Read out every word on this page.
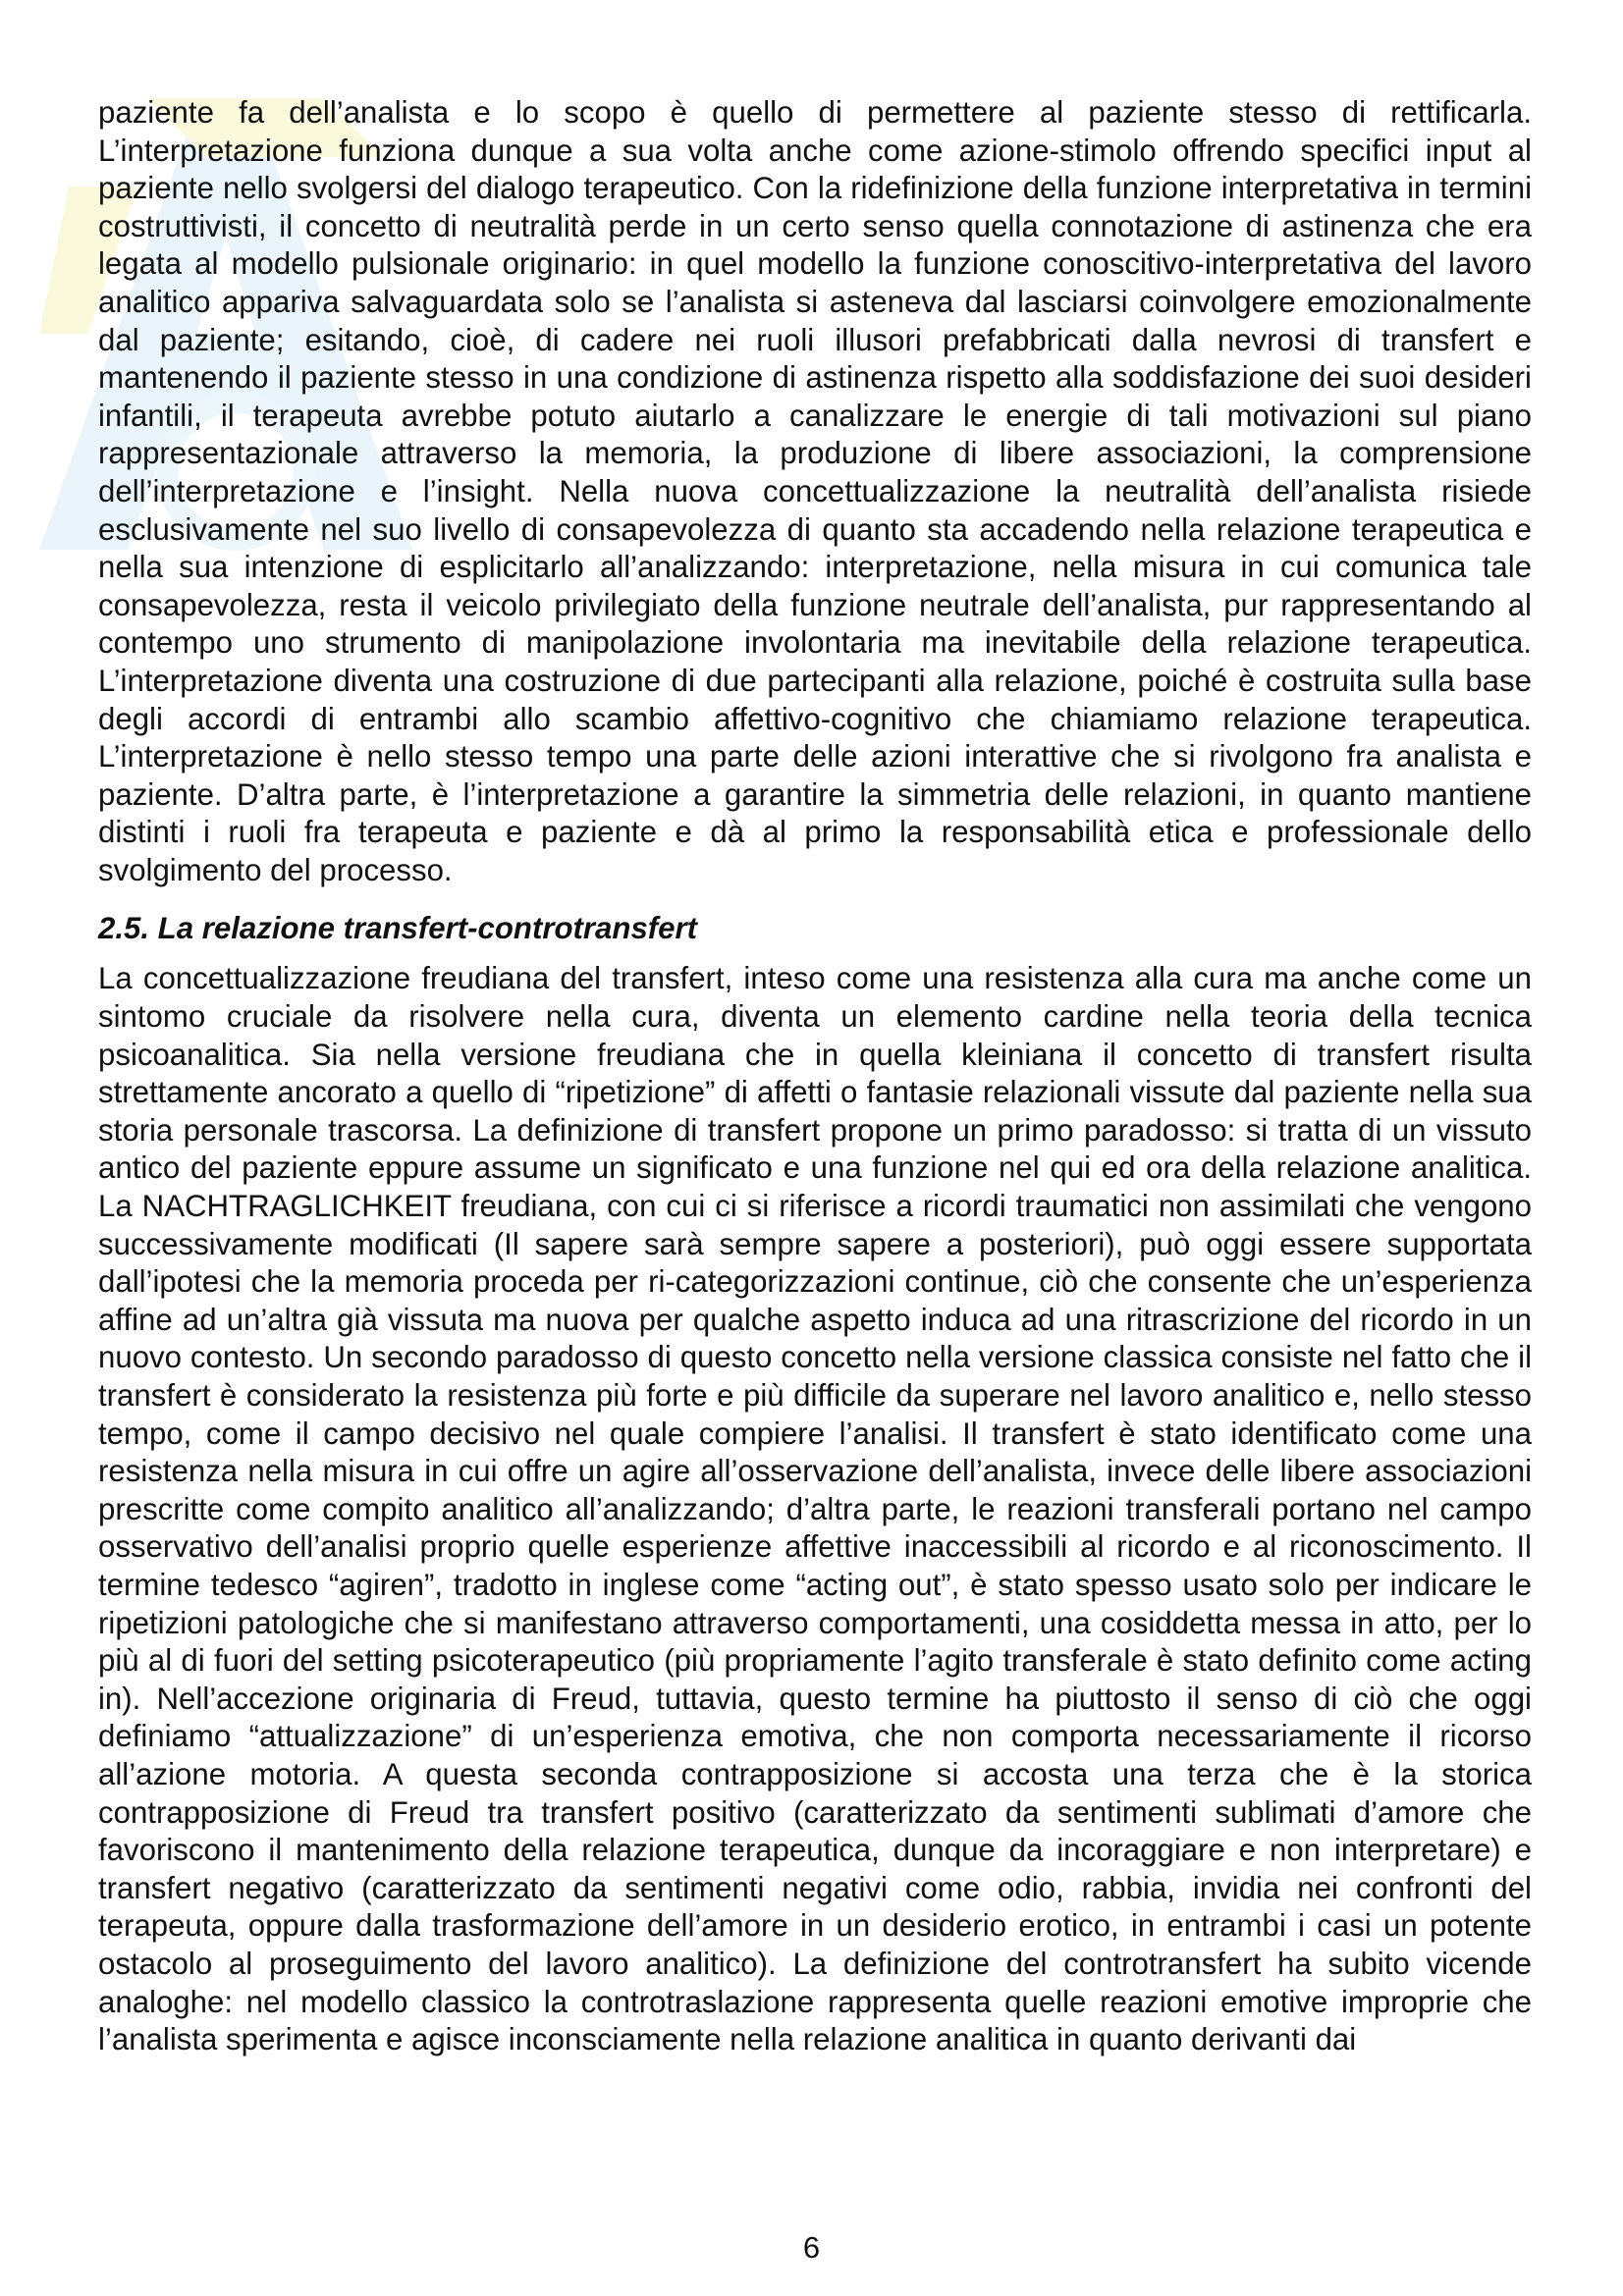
paziente fa dell’analista e lo scopo è quello di permettere al paziente stesso di rettificarla. L’interpretazione funziona dunque a sua volta anche come azione-stimolo offrendo specifici input al paziente nello svolgersi del dialogo terapeutico. Con la ridefinizione della funzione interpretativa in termini costruttivisti, il concetto di neutralità perde in un certo senso quella connotazione di astinenza che era legata al modello pulsionale originario: in quel modello la funzione conoscitivo-interpretativa del lavoro analitico appariva salvaguardata solo se l’analista si asteneva dal lasciarsi coinvolgere emozionalmente dal paziente; esitando, cioè, di cadere nei ruoli illusori prefabbricati dalla nevrosi di transfert e mantenendo il paziente stesso in una condizione di astinenza rispetto alla soddisfazione dei suoi desideri infantili, il terapeuta avrebbe potuto aiutarlo a canalizzare le energie di tali motivazioni sul piano rappresentazionale attraverso la memoria, la produzione di libere associazioni, la comprensione dell’interpretazione e l’insight. Nella nuova concettualizzazione la neutralità dell’analista risiede esclusivamente nel suo livello di consapevolezza di quanto sta accadendo nella relazione terapeutica e nella sua intenzione di esplicitarlo all’analizzando: interpretazione, nella misura in cui comunica tale consapevolezza, resta il veicolo privilegiato della funzione neutrale dell’analista, pur rappresentando al contempo uno strumento di manipolazione involontaria ma inevitabile della relazione terapeutica. L’interpretazione diventa una costruzione di due partecipanti alla relazione, poiché è costruita sulla base degli accordi di entrambi allo scambio affettivo-cognitivo che chiamiamo relazione terapeutica. L’interpretazione è nello stesso tempo una parte delle azioni interattive che si rivolgono fra analista e paziente. D’altra parte, è l’interpretazione a garantire la simmetria delle relazioni, in quanto mantiene distinti i ruoli fra terapeuta e paziente e dà al primo la responsabilità etica e professionale dello svolgimento del processo.

2.5. La relazione transfert-controtransfert

La concettualizzazione freudiana del transfert, inteso come una resistenza alla cura ma anche come un sintomo cruciale da risolvere nella cura, diventa un elemento cardine nella teoria della tecnica psicoanalitica. Sia nella versione freudiana che in quella kleiniana il concetto di transfert risulta strettamente ancorato a quello di “ripetizione” di affetti o fantasie relazionali vissute dal paziente nella sua storia personale trascorsa. La definizione di transfert propone un primo paradosso: si tratta di un vissuto antico del paziente eppure assume un significato e una funzione nel qui ed ora della relazione analitica. La NACHTRAGLICHKEIT freudiana, con cui ci si riferisce a ricordi traumatici non assimilati che vengono successivamente modificati (Il sapere sarà sempre sapere a posteriori), può oggi essere supportata dall’ipotesi che la memoria proceda per ri-categorizzazioni continue, ciò che consente che un’esperienza affine ad un’altra già vissuta ma nuova per qualche aspetto induca ad una ritrascrizione del ricordo in un nuovo contesto. Un secondo paradosso di questo concetto nella versione classica consiste nel fatto che il transfert è considerato la resistenza più forte e più difficile da superare nel lavoro analitico e, nello stesso tempo, come il campo decisivo nel quale compiere l’analisi. Il transfert è stato identificato come una resistenza nella misura in cui offre un agire all’osservazione dell’analista, invece delle libere associazioni prescritte come compito analitico all’analizzando; d’altra parte, le reazioni transferali portano nel campo osservativo dell’analisi proprio quelle esperienze affettive inaccessibili al ricordo e al riconoscimento. Il termine tedesco “agiren”, tradotto in inglese come “acting out”, è stato spesso usato solo per indicare le ripetizioni patologiche che si manifestano attraverso comportamenti, una cosiddetta messa in atto, per lo più al di fuori del setting psicoterapeutico (più propriamente l’agito transferale è stato definito come acting in). Nell’accezione originaria di Freud, tuttavia, questo termine ha piuttosto il senso di ciò che oggi definiamo “attualizzazione” di un’esperienza emotiva, che non comporta necessariamente il ricorso all’azione motoria. A questa seconda contrapposizione si accosta una terza che è la storica contrapposizione di Freud tra transfert positivo (caratterizzato da sentimenti sublimati d’amore che favoriscono il mantenimento della relazione terapeutica, dunque da incoraggiare e non interpretare) e transfert negativo (caratterizzato da sentimenti negativi come odio, rabbia, invidia nei confronti del terapeuta, oppure dalla trasformazione dell’amore in un desiderio erotico, in entrambi i casi un potente ostacolo al proseguimento del lavoro analitico). La definizione del controtransfert ha subito vicende analoghe: nel modello classico la controtraslazione rappresenta quelle reazioni emotive improprie che l’analista sperimenta e agisce inconsciamente nella relazione analitica in quanto derivanti dai

6
